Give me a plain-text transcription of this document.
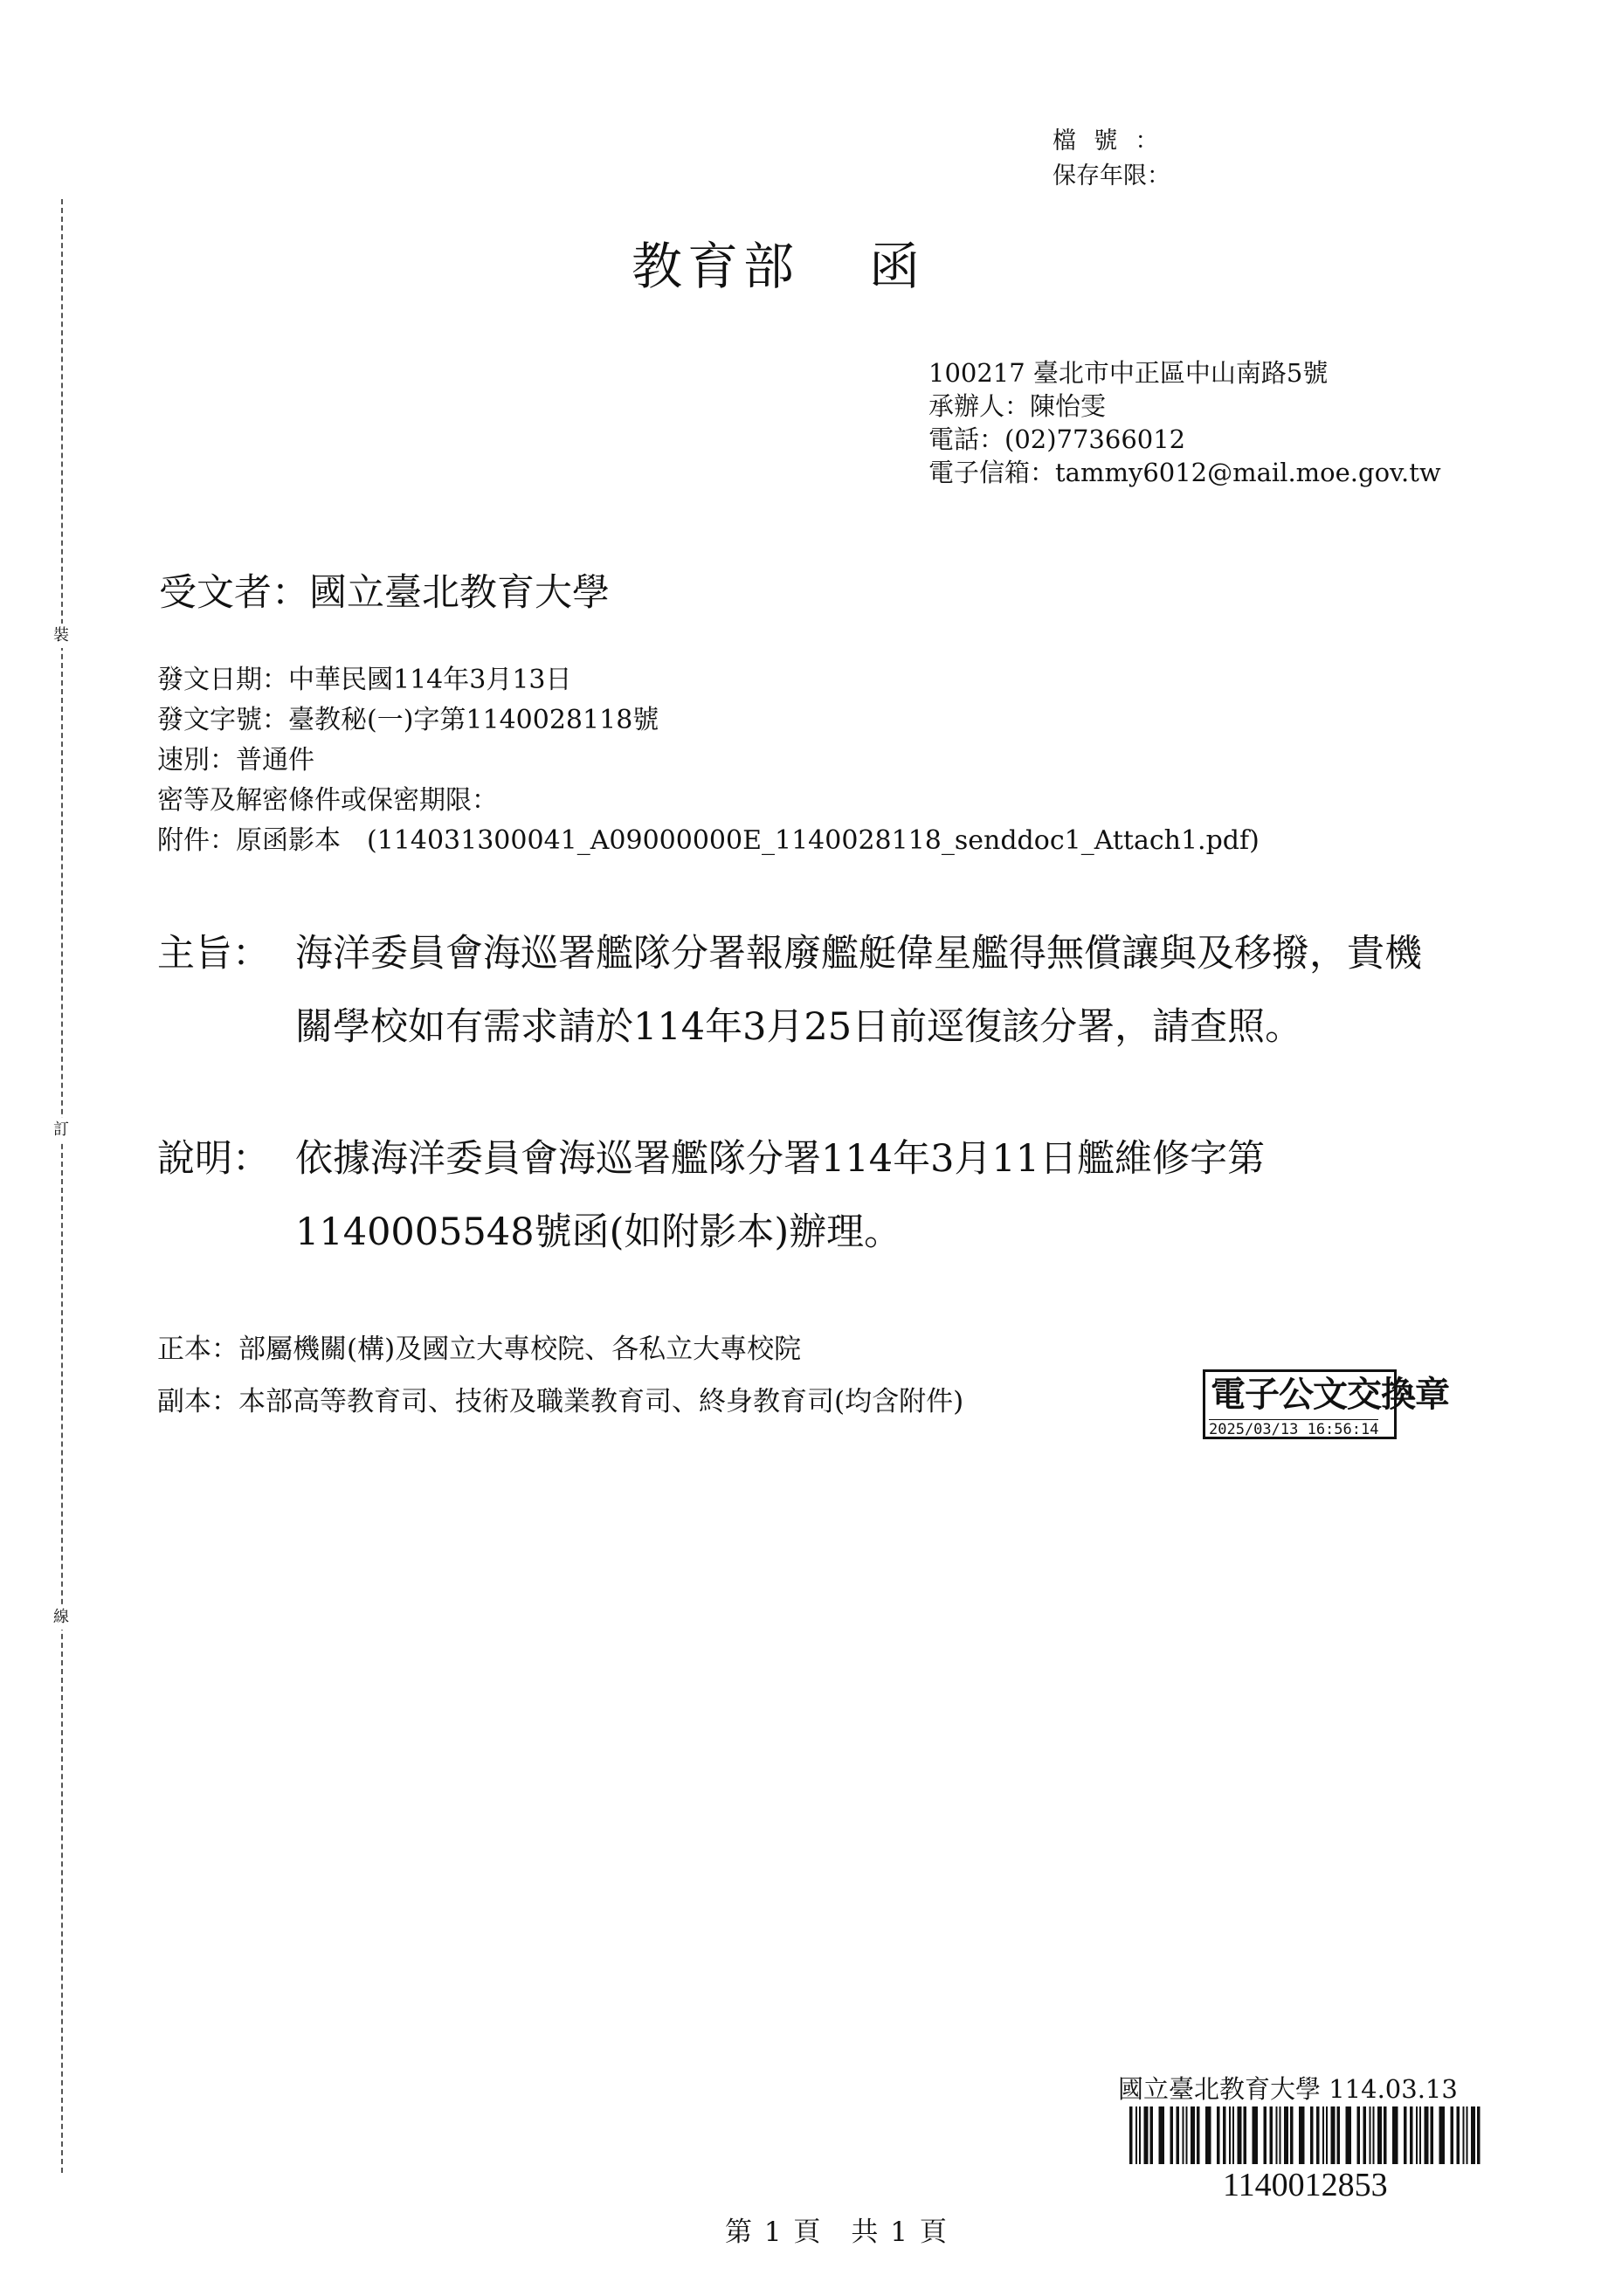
裝
訂
線
檔號：
保存年限：
教育部 函
100217 臺北市中正區中山南路5號
承辦人：陳怡雯
電話：(02)77366012
電子信箱：tammy6012@mail.moe.gov.tw
受文者：國立臺北教育大學
發文日期：中華民國114年3月13日
發文字號：臺教秘(一)字第1140028118號
速別：普通件
密等及解密條件或保密期限：
附件：原函影本　(114031300041_A09000000E_1140028118_senddoc1_Attach1.pdf)
主旨： 海洋委員會海巡署艦隊分署報廢艦艇偉星艦得無償讓與及移撥，貴機關學校如有需求請於114年3月25日前逕復該分署，請查照。
說明： 依據海洋委員會海巡署艦隊分署114年3月11日艦維修字第1140005548號函(如附影本)辦理。
正本：部屬機關(構)及國立大專校院、各私立大專校院
副本：本部高等教育司、技術及職業教育司、終身教育司(均含附件)	電子公文交換章
2025/03/13 16:56:14
國立臺北教育大學 114.03.13
1140012853
第 1 頁　共 1 頁
